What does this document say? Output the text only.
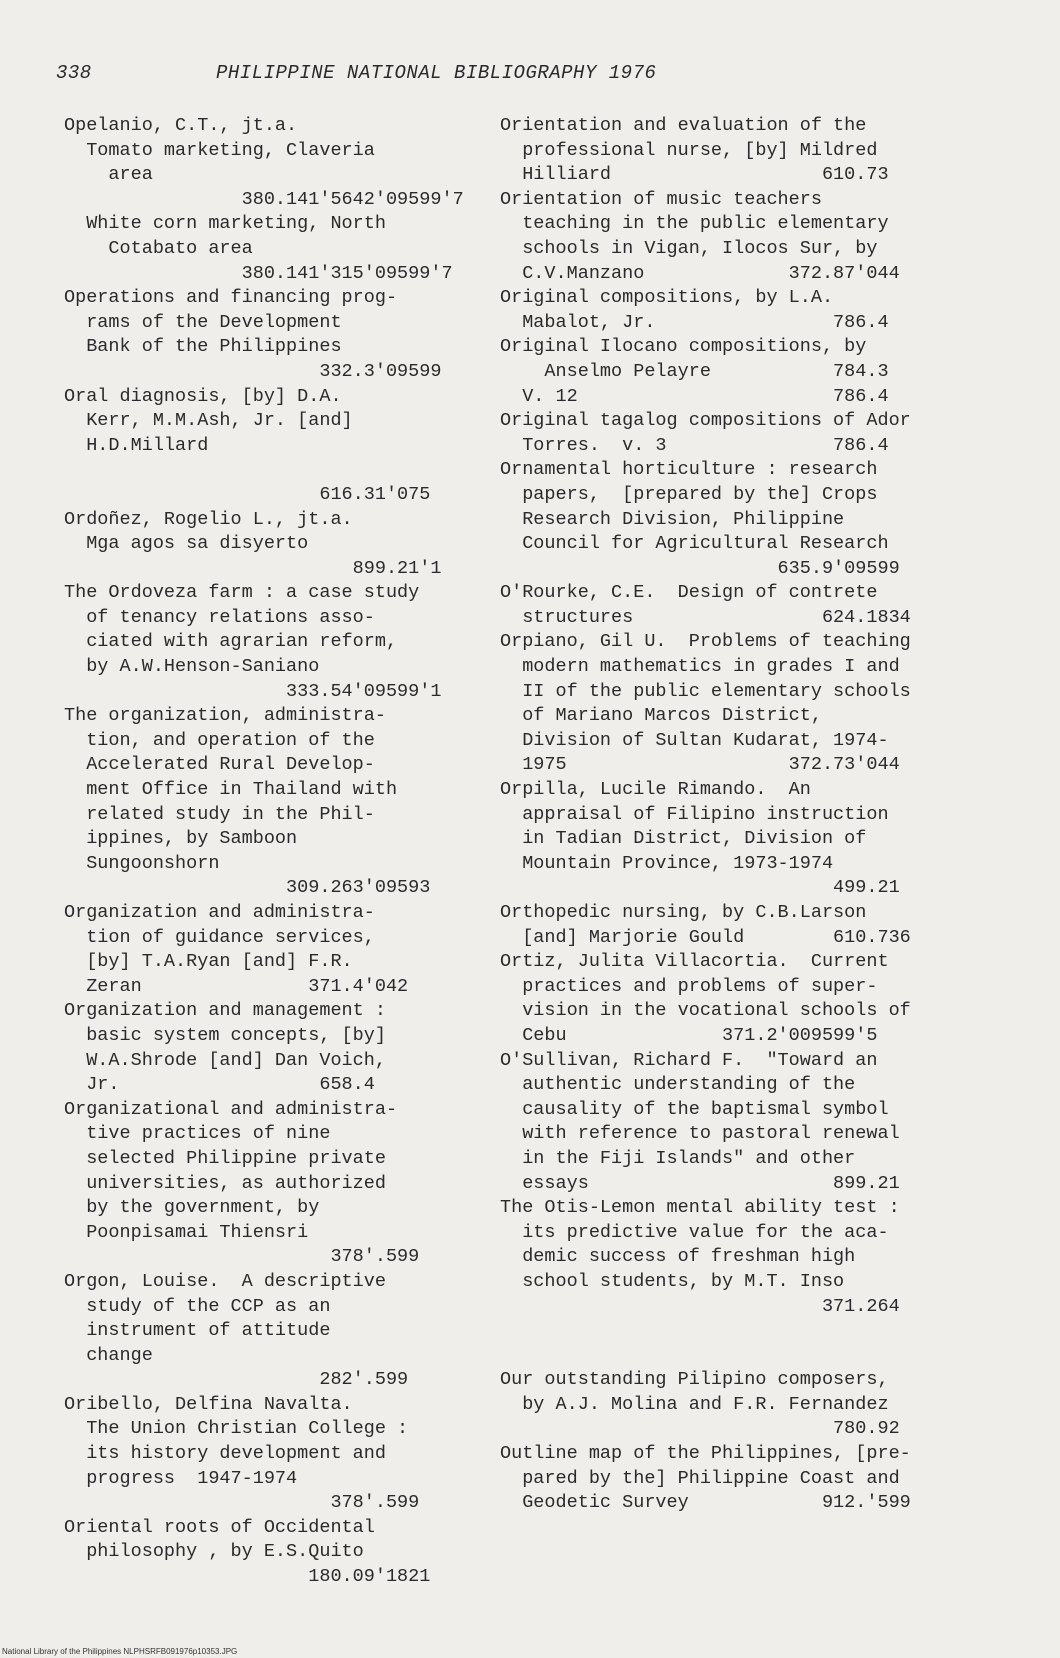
338	PHILIPPINE NATIONAL BIBLIOGRAPHY 1976
Opelanio, C.T., jt.a.
Tomato marketing, Claveria
area
380.141'5642'09599'7
White corn marketing, North
Cotabato area
380.141'315'09599'7
Operations and financing prog-
rams of the Development
Bank of the Philippines
332.3'09599
Oral diagnosis, [by] D.A.
Kerr, M.M.Ash, Jr. [and]
H.D.Millard
616.31'075
Ordoñez, Rogelio L., jt.a.
Mga agos sa disyerto
899.21'1
The Ordoveza farm : a case study
of tenancy relations asso-
ciated with agrarian reform,
by A.W.Henson-Saniano
333.54'09599'1
The organization, administra-
tion, and operation of the
Accelerated Rural Develop-
ment Office in Thailand with
related study in the Phil-
ippines, by Samboon
Sungoonshorn
309.263'09593
Organization and administra-
tion of guidance services,
[by] T.A.Ryan [and] F.R.
Zeran               371.4'042
Organization and management :
basic system concepts, [by]
W.A.Shrode [and] Dan Voich,
Jr.                  658.4
Organizational and administra-
tive practices of nine
selected Philippine private
universities, as authorized
by the government, by
Poonpisamai Thiensri
378'.599
Orgon, Louise.  A descriptive
study of the CCP as an
instrument of attitude
change
282'.599
Oribello, Delfina Navalta.
The Union Christian College :
its history development and
progress  1947-1974
378'.599
Oriental roots of Occidental
philosophy , by E.S.Quito
180.09'1821
Orientation and evaluation of the
professional nurse, [by] Mildred
Hilliard                   610.73
Orientation of music teachers
teaching in the public elementary
schools in Vigan, Ilocos Sur, by
C.V.Manzano             372.87'044
Original compositions, by L.A.
Mabalot, Jr.                786.4
Original Ilocano compositions, by
Anselmo Pelayre           784.3
V. 12                       786.4
Original tagalog compositions of Ador
Torres.  v. 3               786.4
Ornamental horticulture : research
papers,  [prepared by the] Crops
Research Division, Philippine
Council for Agricultural Research
635.9'09599
O'Rourke, C.E.  Design of contrete
structures                 624.1834
Orpiano, Gil U.  Problems of teaching
modern mathematics in grades I and
II of the public elementary schools
of Mariano Marcos District,
Division of Sultan Kudarat, 1974-
1975                    372.73'044
Orpilla, Lucile Rimando.  An
appraisal of Filipino instruction
in Tadian District, Division of
Mountain Province, 1973-1974
499.21
Orthopedic nursing, by C.B.Larson
[and] Marjorie Gould        610.736
Ortiz, Julita Villacortia.  Current
practices and problems of super-
vision in the vocational schools of
Cebu              371.2'009599'5
O'Sullivan, Richard F.  "Toward an
authentic understanding of the
causality of the baptismal symbol
with reference to pastoral renewal
in the Fiji Islands" and other
essays                      899.21
The Otis-Lemon mental ability test :
its predictive value for the aca-
demic success of freshman high
school students, by M.T. Inso
371.264
Our outstanding Pilipino composers,
by A.J. Molina and F.R. Fernandez
780.92
Outline map of the Philippines, [pre-
pared by the] Philippine Coast and
Geodetic Survey            912.'599
National Library of the Philippines NLPHSRFB091976p10353.JPG
